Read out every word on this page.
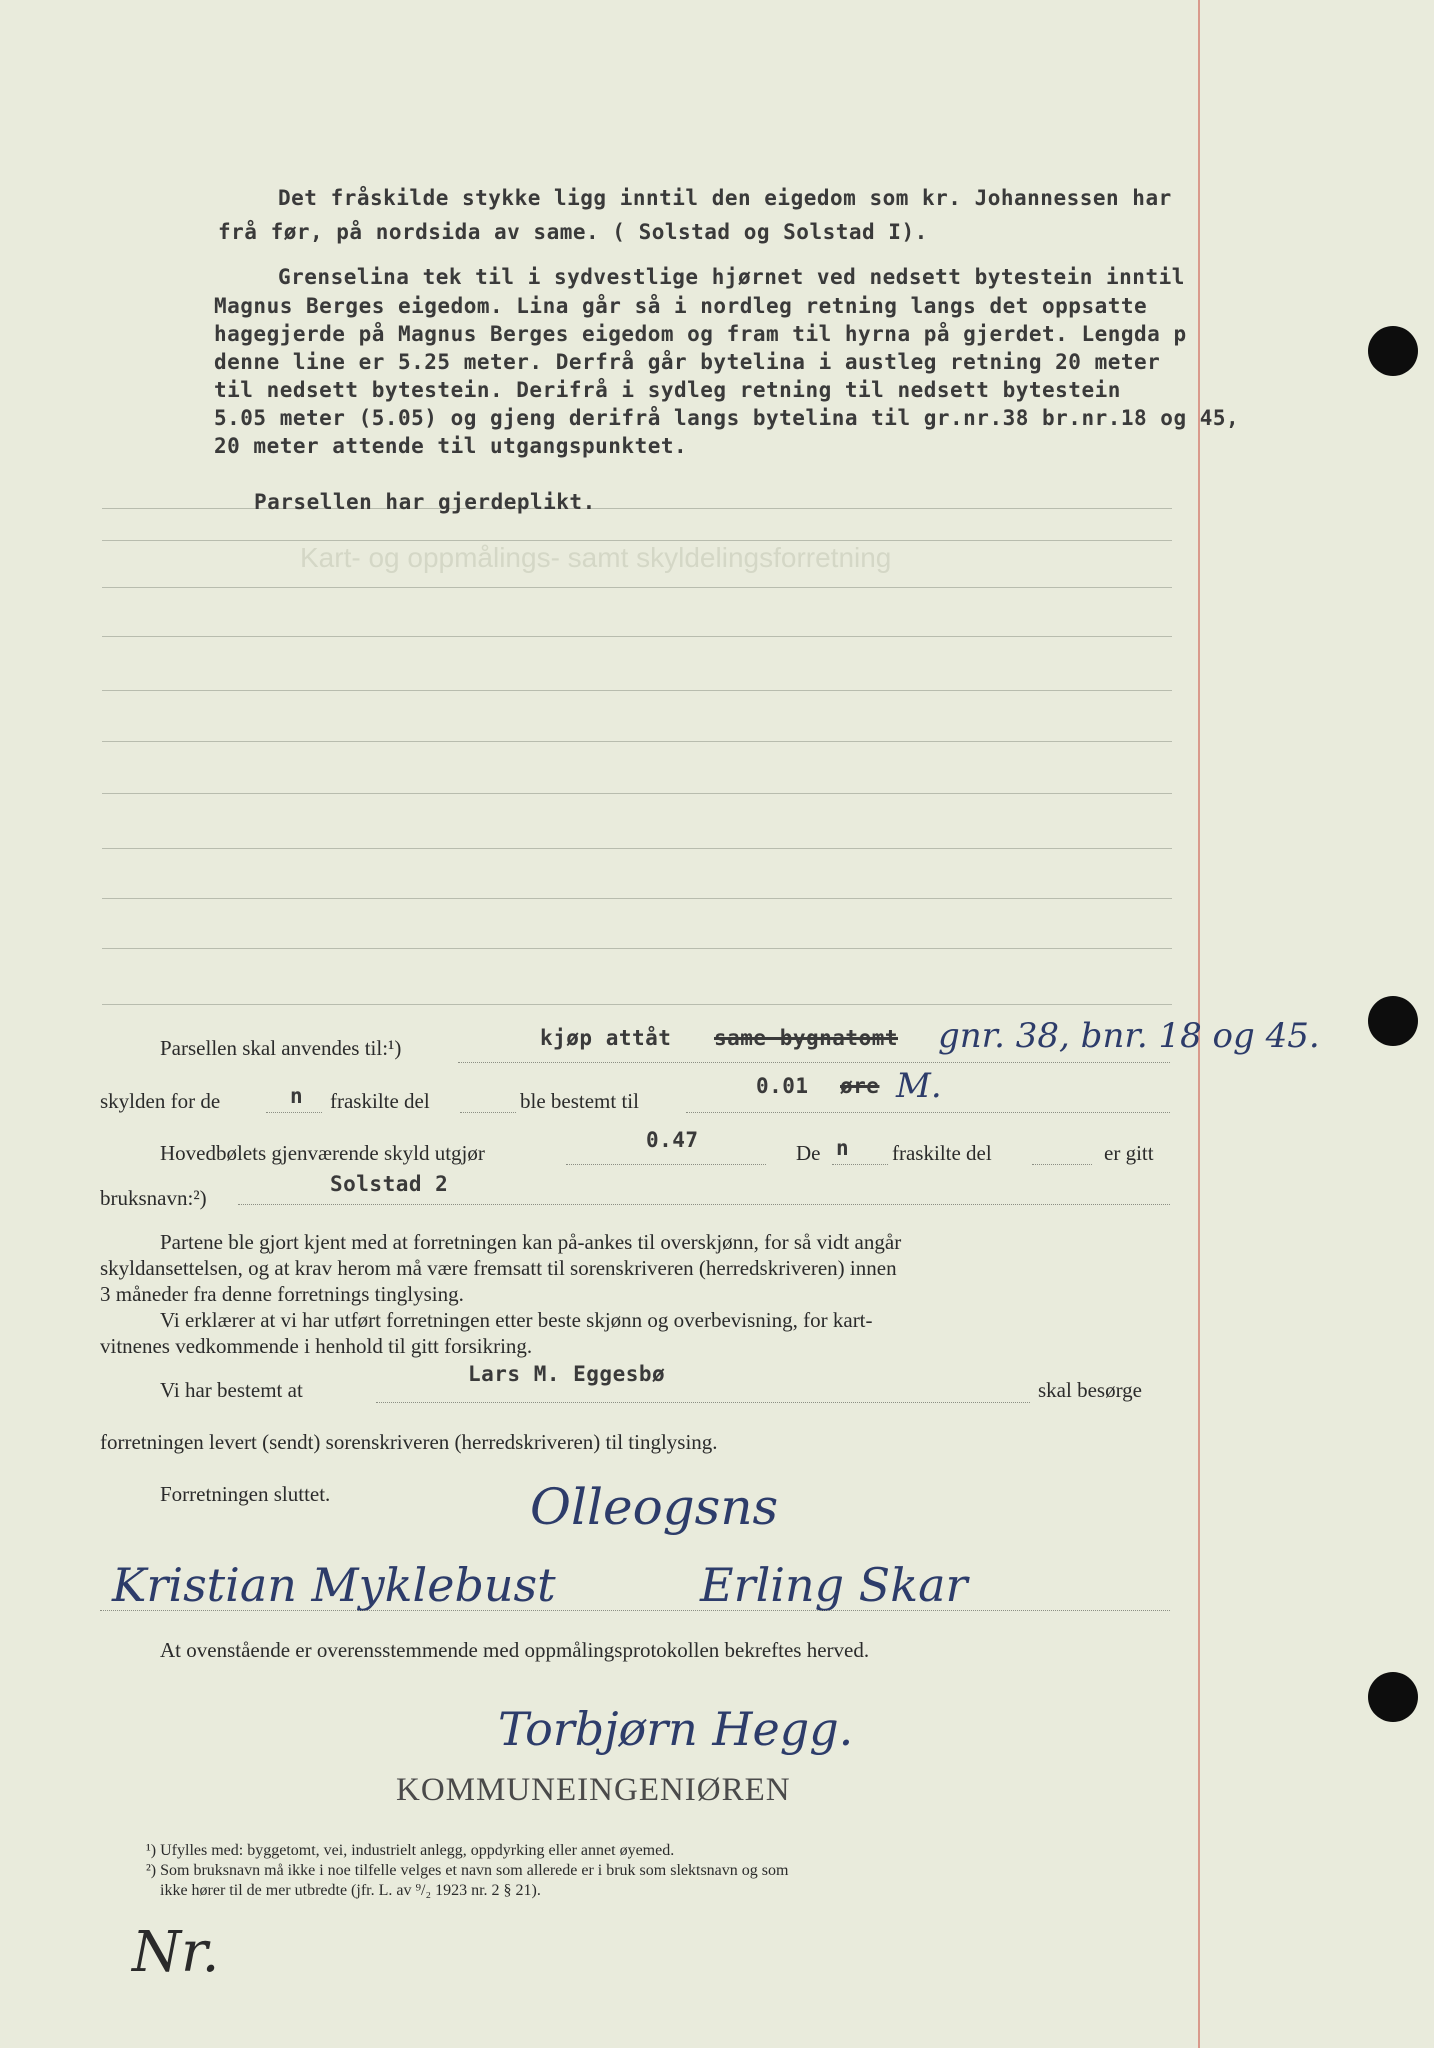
Kart- og oppmålings- samt skyldelingsforretning
Det fråskilde stykke ligg inntil den eigedom som kr. Johannessen har
frå før, på nordsida av same. ( Solstad og Solstad I).
Grenselina tek til i sydvestlige hjørnet ved nedsett bytestein inntil
Magnus Berges eigedom. Lina går så i nordleg retning langs det oppsatte
hagegjerde på Magnus Berges eigedom og fram til hyrna på gjerdet. Lengda p
denne line er 5.25 meter. Derfrå går bytelina i austleg retning 20 meter
til nedsett bytestein. Derifrå i sydleg retning til nedsett bytestein
5.05 meter (5.05) og gjeng derifrå langs bytelina til gr.nr.38 br.nr.18 og 45,
20 meter attende til utgangspunktet.
Parsellen har gjerdeplikt.
Parsellen skal anvendes til:¹)	kjøp attåt same bygnatomt gnr. 38, bnr. 18 og 45.
skylden for de	n fraskilte del	ble bestemt til
0.01 øre M.
Hovedbølets gjenværende skyld utgjør
0.47
De n fraskilte del	er gitt
bruksnavn:²)
Solstad 2
Partene ble gjort kjent med at forretningen kan på-ankes til overskjønn, for så vidt angår
skyldansettelsen, og at krav herom må være fremsatt til sorenskriveren (herredskriveren) innen
3 måneder fra denne forretnings tinglysing.
Vi erklærer at vi har utført forretningen etter beste skjønn og overbevisning, for kart-
vitnenes vedkommende i henhold til gitt forsikring.
Vi har bestemt at
Lars M. Eggesbø
skal besørge
forretningen levert (sendt) sorenskriveren (herredskriveren) til tinglysing.
Forretningen sluttet.	Olleogsns
Kristian Myklebust	Erling Skar
At ovenstående er overensstemmende med oppmålingsprotokollen bekreftes herved.
Torbjørn Hegg.
KOMMUNEINGENIØREN
¹) Ufylles med: byggetomt, vei, industrielt anlegg, oppdyrking eller annet øyemed.
²) Som bruksnavn må ikke i noe tilfelle velges et navn som allerede er i bruk som slektsnavn og som
ikke hører til de mer utbredte (jfr. L. av ⁹/₂ 1923 nr. 2 § 21).
Nr.
